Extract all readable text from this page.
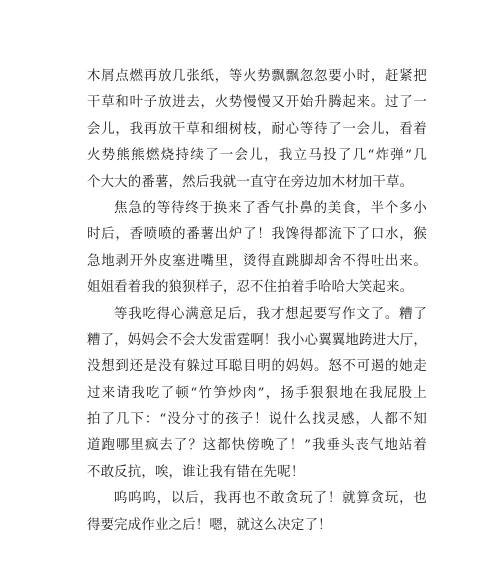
木屑点燃再放几张纸，等火势飘飘忽忽要小时，赶紧把
干草和叶子放进去，火势慢慢又开始升腾起来。过了一
会儿，我再放干草和细树枝，耐心等待了一会儿，看着
火势熊熊燃烧持续了一会儿，我立马投了几“炸弹”几
个大大的番薯，然后我就一直守在旁边加木材加干草。
焦急的等待终于换来了香气扑鼻的美食，半个多小
时后，香喷喷的番薯出炉了！我馋得都流下了口水，猴
急地剥开外皮塞进嘴里，烫得直跳脚却舍不得吐出来。
姐姐看着我的狼狈样子，忍不住拍着手哈哈大笑起来。
等我吃得心满意足后，我才想起要写作文了。糟了
糟了，妈妈会不会大发雷霆啊！我小心翼翼地跨进大厅，
没想到还是没有躲过耳聪目明的妈妈。怒不可遏的她走
过来请我吃了顿“竹笋炒肉”，扬手狠狠地在我屁股上
拍了几下：“没分寸的孩子！说什么找灵感，人都不知
道跑哪里疯去了？这都快傍晚了！”我垂头丧气地站着
不敢反抗，唉，谁让我有错在先呢！
呜呜呜，以后，我再也不敢贪玩了！就算贪玩，也
得要完成作业之后！嗯，就这么决定了！
